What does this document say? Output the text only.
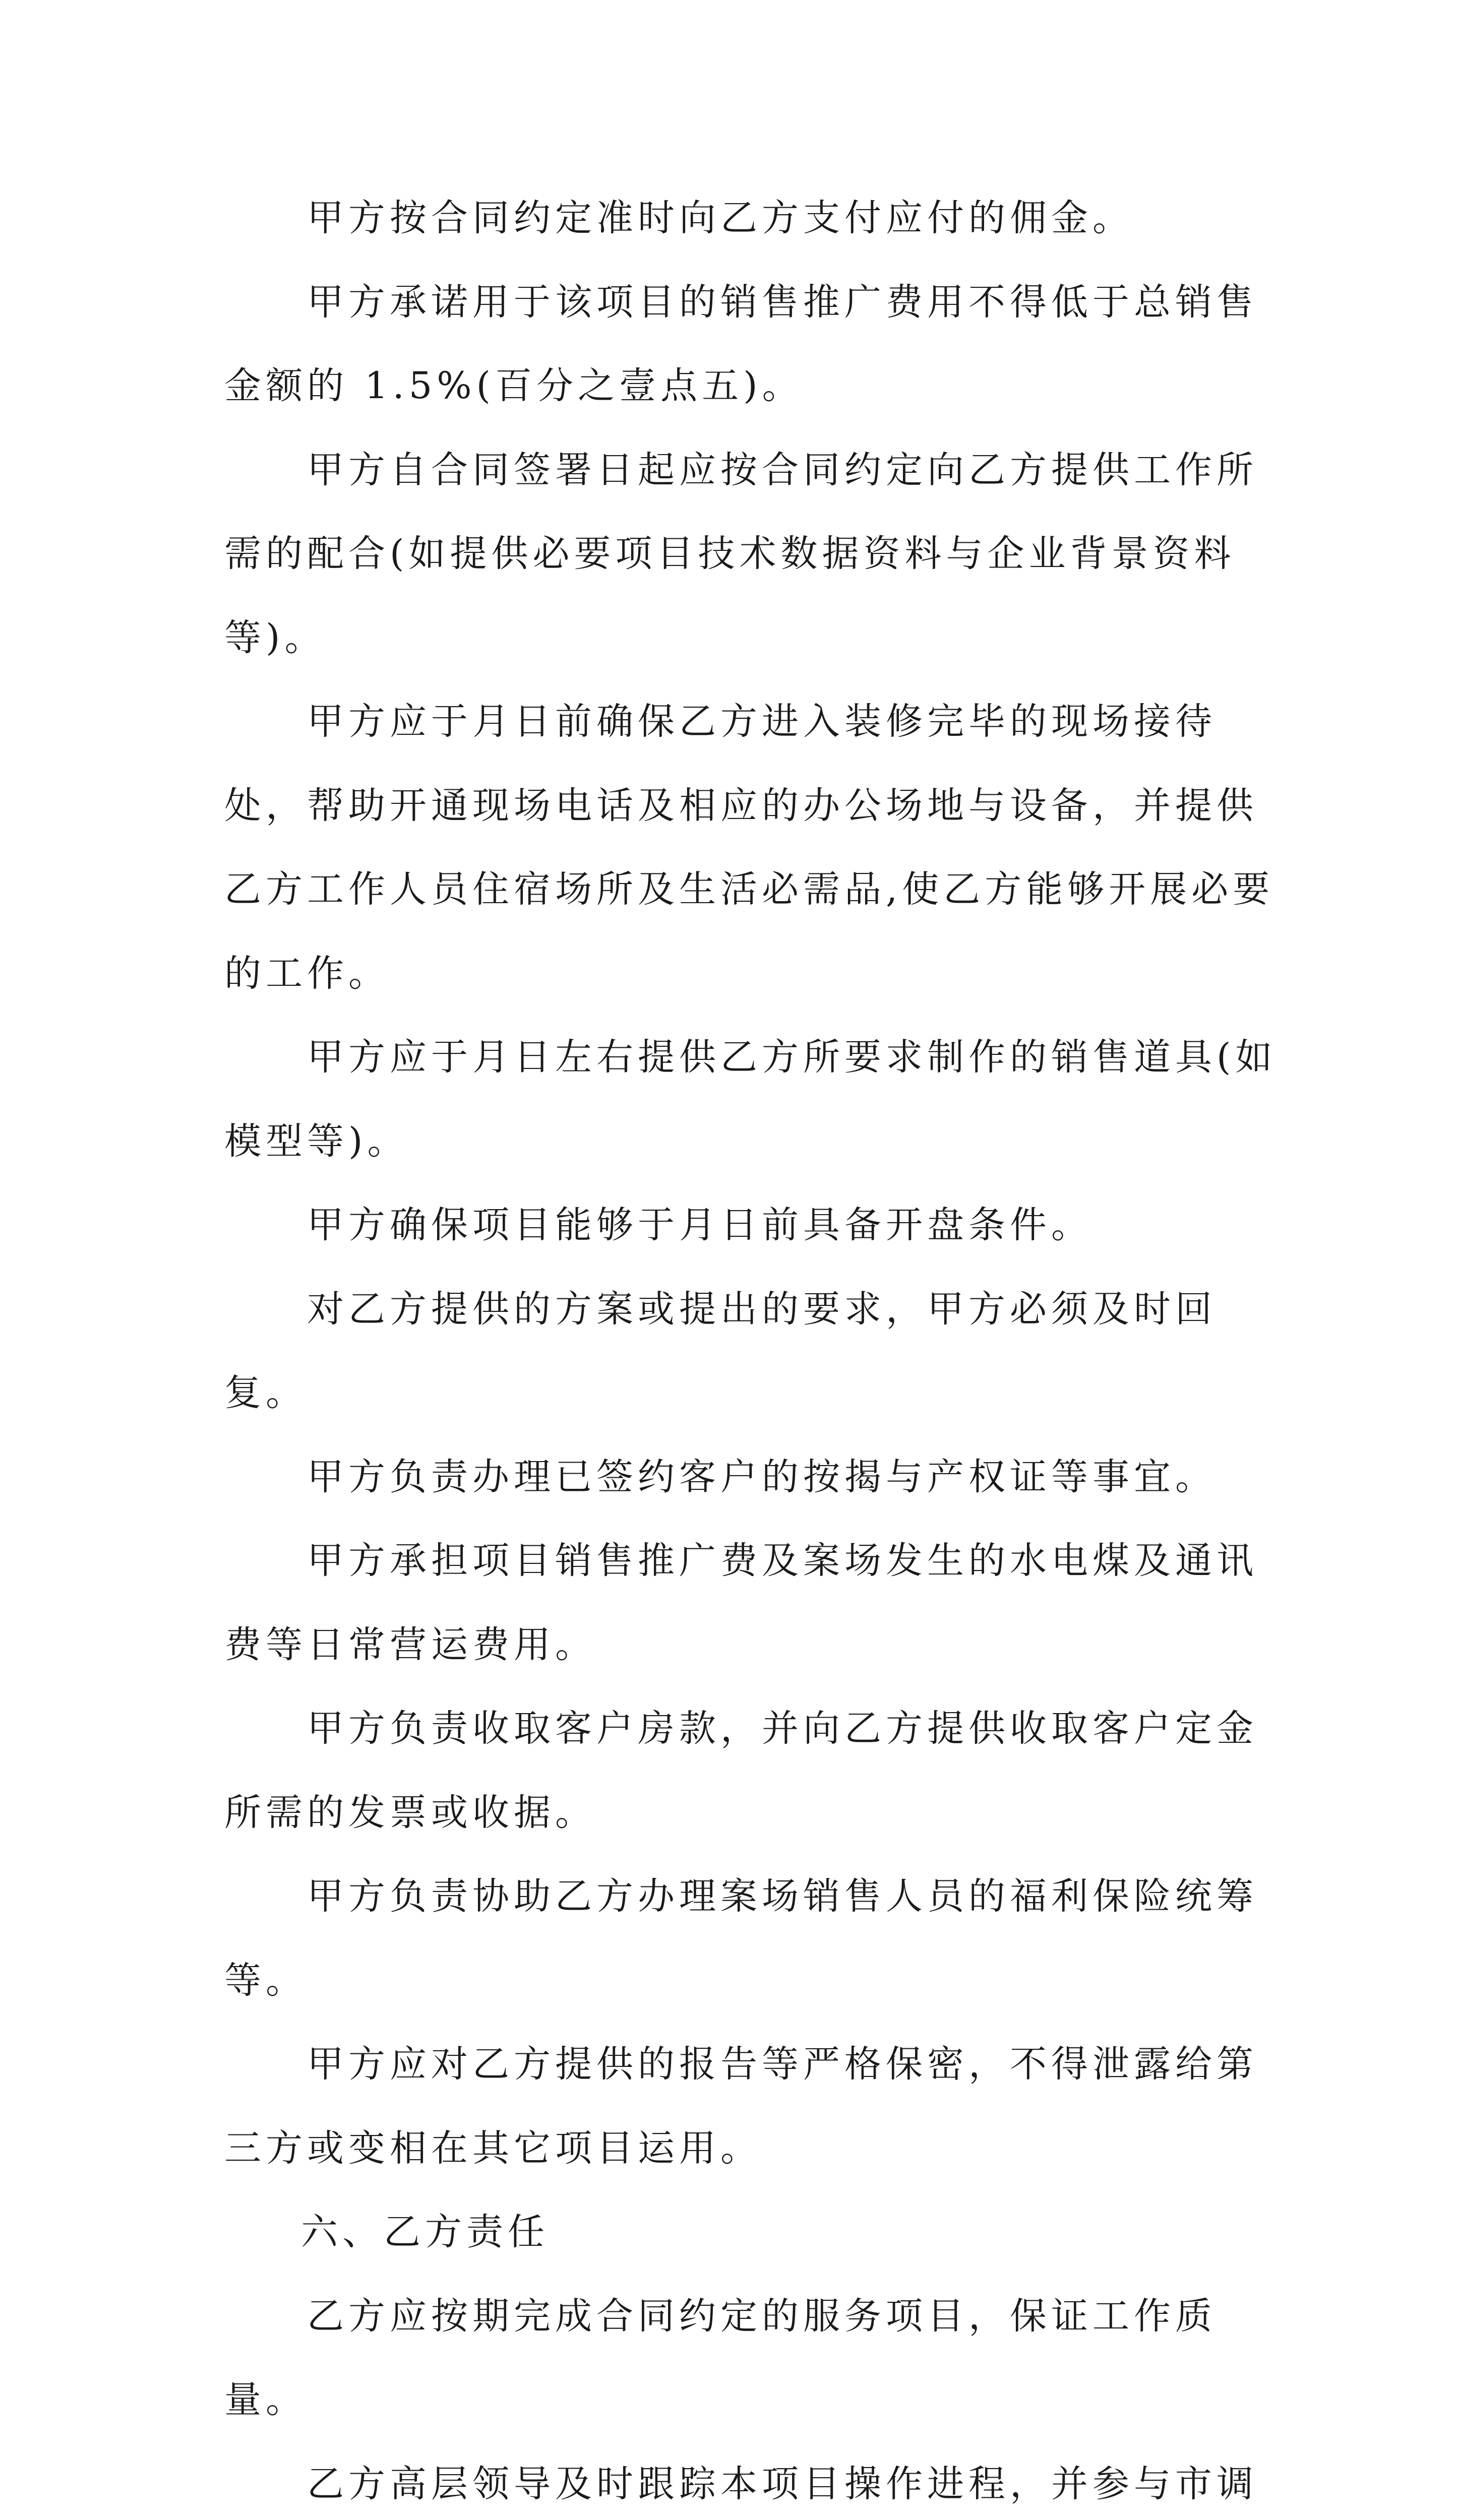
甲方按合同约定准时向乙方支付应付的佣金。

甲方承诺用于该项目的销售推广费用不得低于总销售金额的 1.5%(百分之壹点五)。

甲方自合同签署日起应按合同约定向乙方提供工作所需的配合(如提供必要项目技术数据资料与企业背景资料等)。

甲方应于月日前确保乙方进入装修完毕的现场接待处，帮助开通现场电话及相应的办公场地与设备，并提供乙方工作人员住宿场所及生活必需品,使乙方能够开展必要的工作。

甲方应于月日左右提供乙方所要求制作的销售道具(如模型等)。

甲方确保项目能够于月日前具备开盘条件。

对乙方提供的方案或提出的要求，甲方必须及时回复。

甲方负责办理已签约客户的按揭与产权证等事宜。

甲方承担项目销售推广费及案场发生的水电煤及通讯费等日常营运费用。

甲方负责收取客户房款，并向乙方提供收取客户定金所需的发票或收据。

甲方负责协助乙方办理案场销售人员的福利保险统筹等。

甲方应对乙方提供的报告等严格保密，不得泄露给第三方或变相在其它项目运用。

六、乙方责任

乙方应按期完成合同约定的服务项目，保证工作质量。

乙方高层领导及时跟踪本项目操作进程，并参与市调
